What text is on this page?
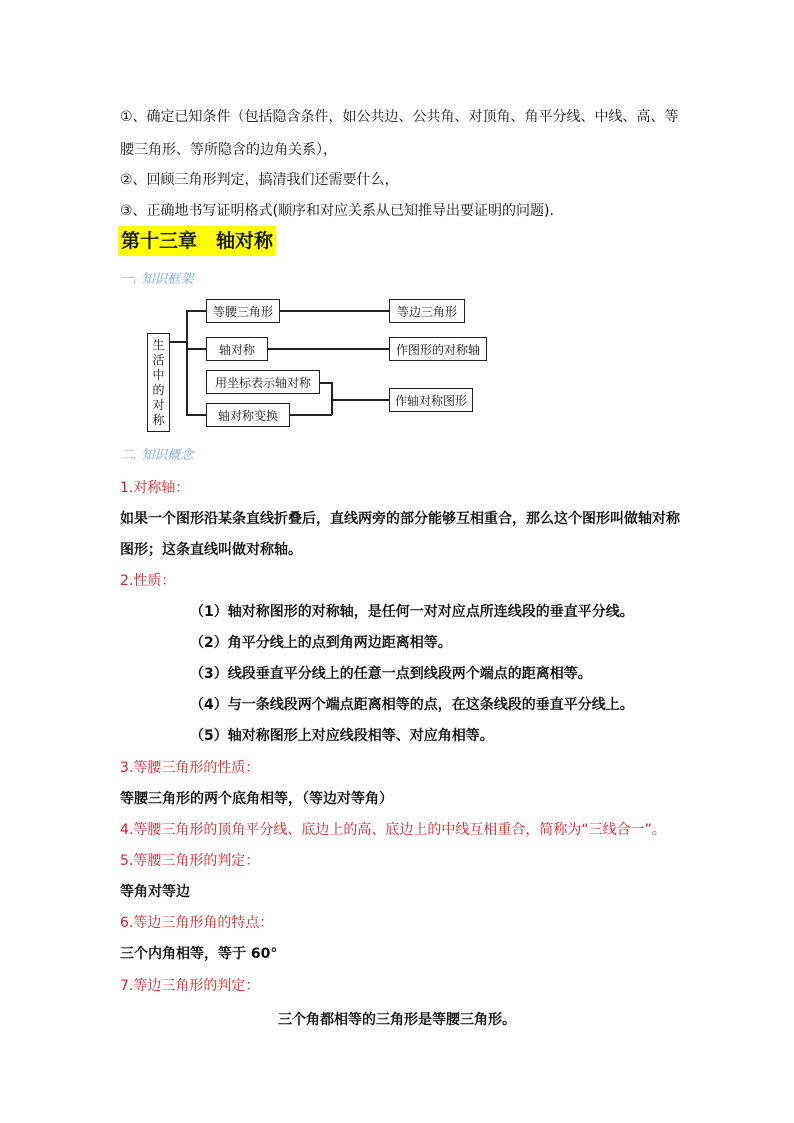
①、确定已知条件（包括隐含条件，如公共边、公共角、对顶角、角平分线、中线、高、等
腰三角形、等所隐含的边角关系），
②、回顾三角形判定，搞清我们还需要什么，
③、正确地书写证明格式(顺序和对应关系从已知推导出要证明的问题).
第十三章　轴对称
一. 知识框架
生
活
中
的
对
称
等腰三角形	等边三角形
轴对称	作图形的对称轴
用坐标表示轴对称
轴对称变换
作轴对称图形
二. 知识概念
1.对称轴：
如果一个图形沿某条直线折叠后，直线两旁的部分能够互相重合，那么这个图形叫做轴对称
图形；这条直线叫做对称轴。
2.性质：
（1）轴对称图形的对称轴，是任何一对对应点所连线段的垂直平分线。
（2）角平分线上的点到角两边距离相等。
（3）线段垂直平分线上的任意一点到线段两个端点的距离相等。
（4）与一条线段两个端点距离相等的点，在这条线段的垂直平分线上。
（5）轴对称图形上对应线段相等、对应角相等。
3.等腰三角形的性质：
等腰三角形的两个底角相等，（等边对等角）
4.等腰三角形的顶角平分线、底边上的高、底边上的中线互相重合，简称为“三线合一”。
5.等腰三角形的判定：
等角对等边
6.等边三角形角的特点：
三个内角相等，等于 60°
7.等边三角形的判定：
三个角都相等的三角形是等腰三角形。
